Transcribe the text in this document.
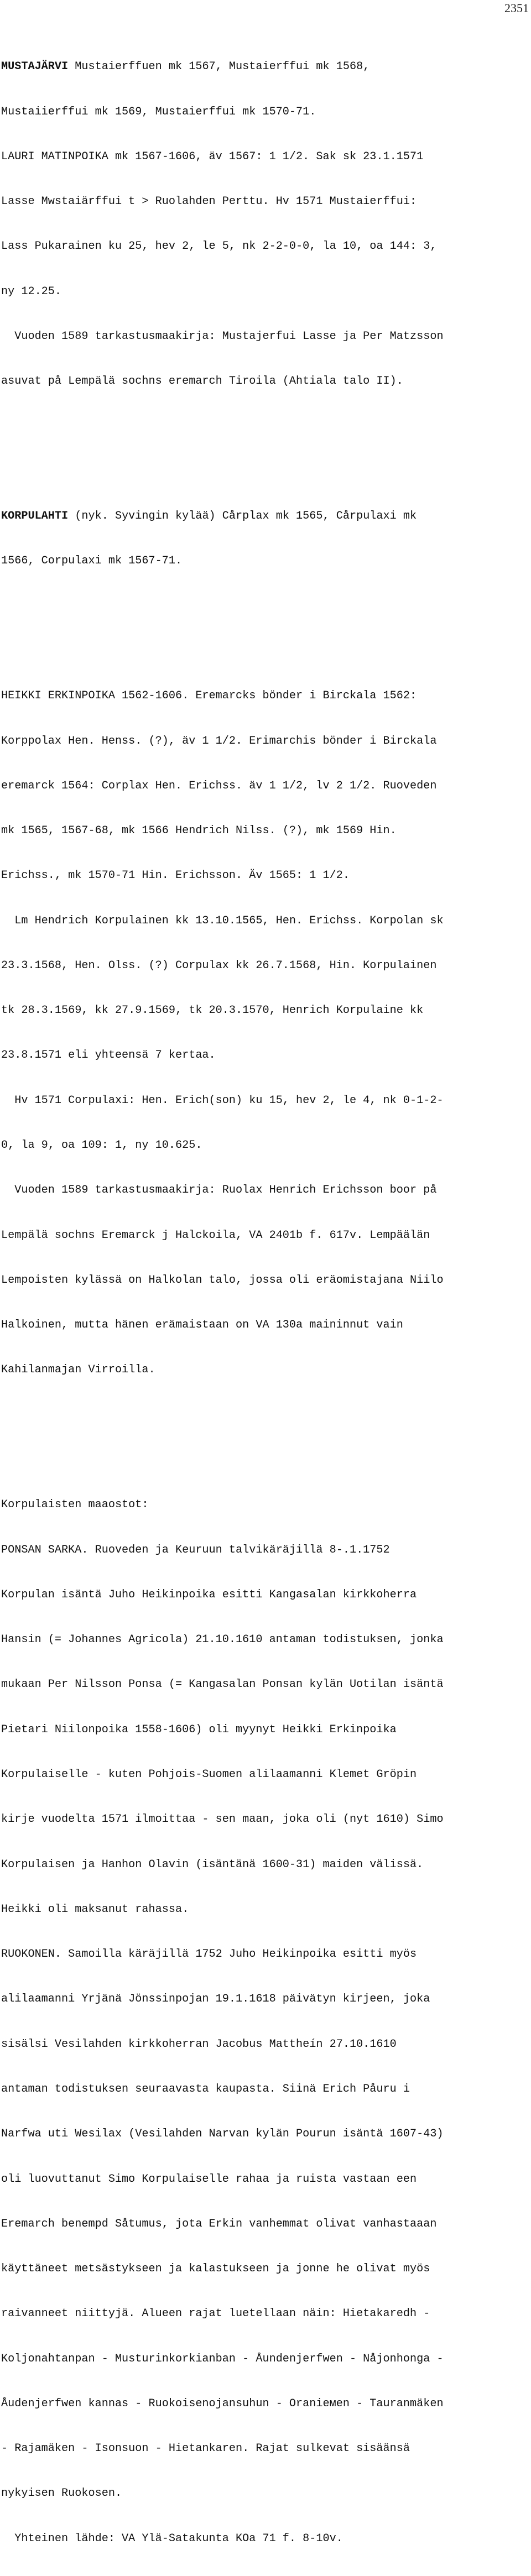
2351

MUSTAJÄRVI Mustaierffuen mk 1567, Mustaierffui mk 1568,

Mustaiierffui mk 1569, Mustaierffui mk 1570-71.

LAURI MATINPOIKA mk 1567-1606, äv 1567: 1 1/2. Sak sk 23.1.1571

Lasse Mwstaiärffui t > Ruolahden Perttu. Hv 1571 Mustaierffui:

Lass Pukarainen ku 25, hev 2, le 5, nk 2-2-0-0, la 10, oa 144: 3,

ny 12.25.

Vuoden 1589 tarkastusmaakirja: Mustajerfui Lasse ja Per Matzsson

asuvat på Lempälä sochns eremarch Tiroila (Ahtiala talo II).

KORPULAHTI (nyk. Syvingin kylää) Cårplax mk 1565, Cårpulaxi mk

1566, Corpulaxi mk 1567-71.

HEIKKI ERKINPOIKA 1562-1606. Eremarcks bönder i Birckala 1562:

Korppolax Hen. Henss. (?), äv 1 1/2. Erimarchis bönder i Birckala

eremarck 1564: Corplax Hen. Erichss. äv 1 1/2, lv 2 1/2. Ruoveden

mk 1565, 1567-68, mk 1566 Hendrich Nilss. (?), mk 1569 Hin.

Erichss., mk 1570-71 Hin. Erichsson. Äv 1565: 1 1/2.

Lm Hendrich Korpulainen kk 13.10.1565, Hen. Erichss. Korpolan sk

23.3.1568, Hen. Olss. (?) Corpulax kk 26.7.1568, Hin. Korpulainen

tk 28.3.1569, kk 27.9.1569, tk 20.3.1570, Henrich Korpulaine kk

23.8.1571 eli yhteensä 7 kertaa.

Hv 1571 Corpulaxi: Hen. Erich(son) ku 15, hev 2, le 4, nk 0-1-2-

0, la 9, oa 109: 1, ny 10.625.

Vuoden 1589 tarkastusmaakirja: Ruolax Henrich Erichsson boor på

Lempälä sochns Eremarck j Halckoila, VA 2401b f. 617v. Lempäälän

Lempoisten kylässä on Halkolan talo, jossa oli eräomistajana Niilo

Halkoinen, mutta hänen erämaistaan on VA 130a maininnut vain

Kahilanmajan Virroilla.

Korpulaisten maaostot:

PONSAN SARKA. Ruoveden ja Keuruun talvikäräjillä 8-.1.1752

Korpulan isäntä Juho Heikinpoika esitti Kangasalan kirkkoherra

Hansin (= Johannes Agricola) 21.10.1610 antaman todistuksen, jonka

mukaan Per Nilsson Ponsa (= Kangasalan Ponsan kylän Uotilan isäntä

Pietari Niilonpoika 1558-1606) oli myynyt Heikki Erkinpoika

Korpulaiselle - kuten Pohjois-Suomen alilaamanni Klemet Gröpin

kirje vuodelta 1571 ilmoittaa - sen maan, joka oli (nyt 1610) Simo

Korpulaisen ja Hanhon Olavin (isäntänä 1600-31) maiden välissä.

Heikki oli maksanut rahassa.

RUOKONEN. Samoilla käräjillä 1752 Juho Heikinpoika esitti myös

alilaamanni Yrjänä Jönssinpojan 19.1.1618 päivätyn kirjeen, joka

sisälsi Vesilahden kirkkoherran Jacobus Mattheín 27.10.1610

antaman todistuksen seuraavasta kaupasta. Siinä Erich Påuru i

Narfwa uti Wesilax (Vesilahden Narvan kylän Pourun isäntä 1607-43)

oli luovuttanut Simo Korpulaiselle rahaa ja ruista vastaan een

Eremarch benempd Såtumus, jota Erkin vanhemmat olivat vanhastaaan

käyttäneet metsästykseen ja kalastukseen ja jonne he olivat myös

raivanneet niittyjä. Alueen rajat luetellaan näin: Hietakaredh -

Koljonahtanpan - Musturinkorkianban - Åundenjerfwen - Nåjonhonga -

Åudenjerfwen kannas - Ruokoisenojansuhun - Oranieмen - Tauranmäken

- Rajamäken - Isonsuon - Hietankaren. Rajat sulkevat sisäänsä

nykyisen Ruokosen.

Yhteinen lähde: VA Ylä-Satakunta KOa 71 f. 8-10v.
